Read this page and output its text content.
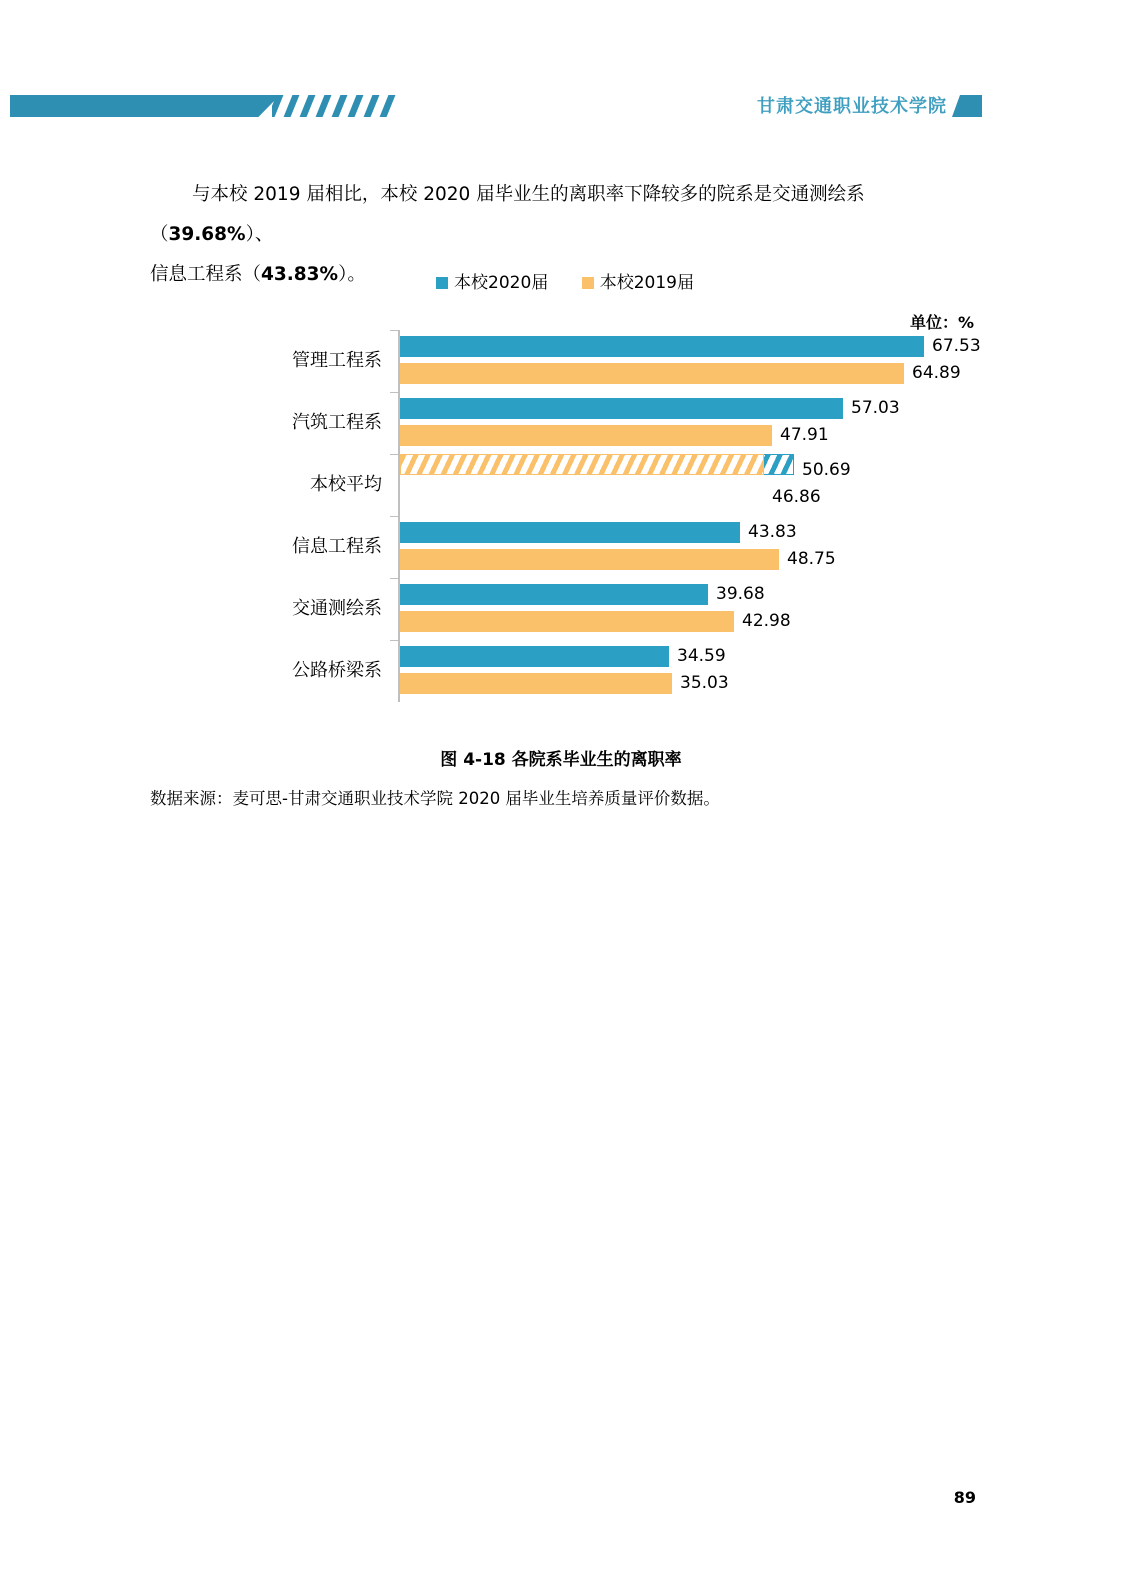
甘肃交通职业技术学院
与本校 2019 届相比，本校 2020 届毕业生的离职率下降较多的院系是交通测绘系（39.68%）、
信息工程系（43.83%）。	本校2020届	本校2019届
单位：%
管理工程系
67.53
64.89
汽筑工程系
57.03
47.91
本校平均
50.69
46.86
信息工程系
43.83
48.75
交通测绘系
39.68
42.98
公路桥梁系
34.59
35.03
图 4-18 各院系毕业生的离职率
数据来源：麦可思-甘肃交通职业技术学院 2020 届毕业生培养质量评价数据。
89
